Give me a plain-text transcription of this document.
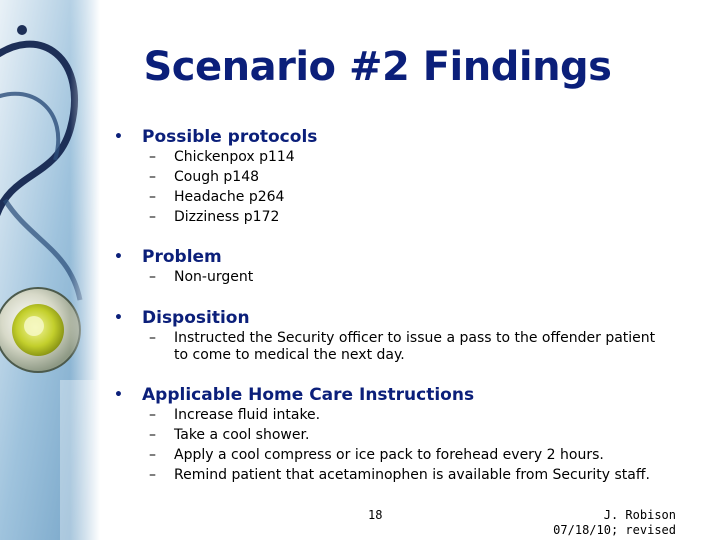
Scenario #2 Findings
• Possible protocols
– Chickenpox p114
– Cough p148
– Headache p264
– Dizziness p172
• Problem
– Non-urgent
• Disposition
– Instructed the Security officer to issue a pass to the offender patient to come to medical the next day.
• Applicable Home Care Instructions
– Increase fluid intake.
– Take a cool shower.
– Apply a cool compress or ice pack to forehead every 2 hours.
– Remind patient that acetaminophen is available from Security staff.
18	J. Robison
07/18/10; revised
